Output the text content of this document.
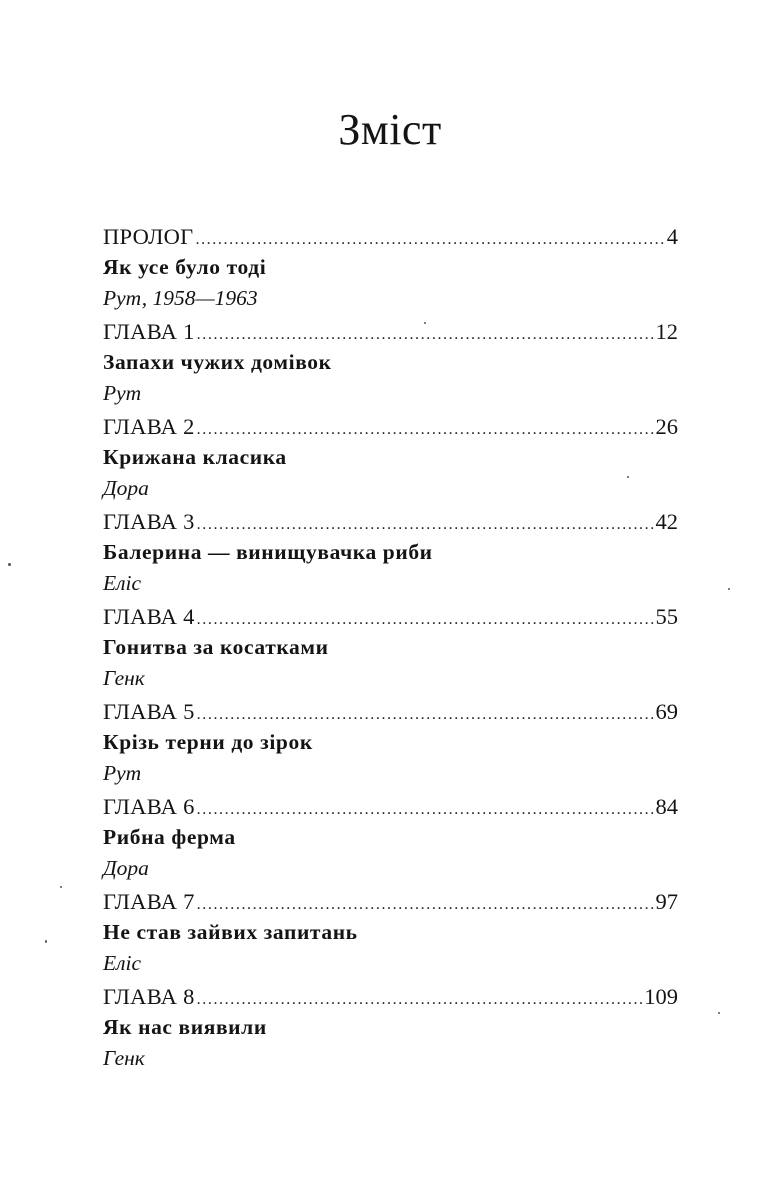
Зміст
ПРОЛОГ .....	4
Як усе було тоді
Рут, 1958—1963
ГЛАВА 1 .....	12
Запахи чужих домівок
Рут
ГЛАВА 2 .....	26
Крижана класика
Дора
ГЛАВА 3 .....	42
Балерина — винищувачка риби
Еліс
ГЛАВА 4 .....	55
Гонитва за косатками
Генк
ГЛАВА 5 .....	69
Крізь терни до зірок
Рут
ГЛАВА 6 .....	84
Рибна ферма
Дора
ГЛАВА 7 .....	97
Не став зайвих запитань
Еліс
ГЛАВА 8 .....	109
Як нас виявили
Генк
